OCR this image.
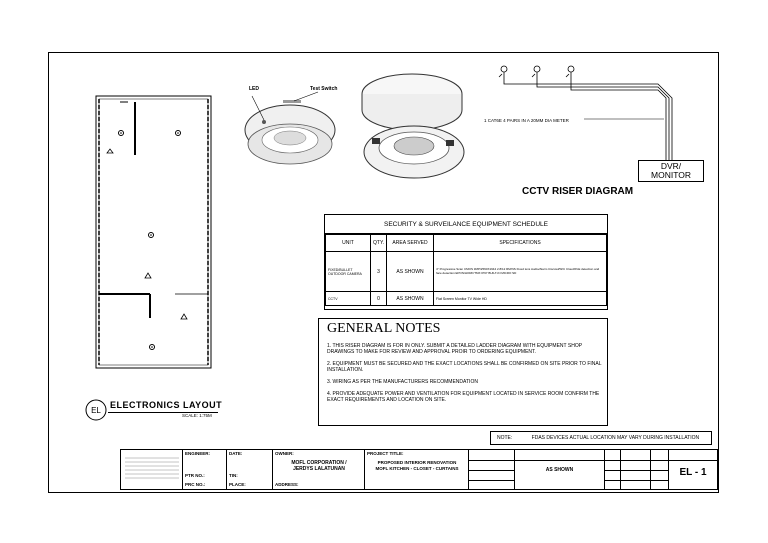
EL
ELECTRONICS LAYOUT
SCALE: 1:75M
LED	Test Switch
1 CAT6E 4 PAIRS IN A 20MM DIA METER
DVR/
MONITOR
CCTV RISER DIAGRAM
SECURITY & SURVEILANCE EQUIPMENT SCHEDULE
UNIT	QTY.	AREA SERVED	SPECIFICATIONS
FIXED/BULLET OUTDOOR CAMERA	3	AS SHOWN	4" Progressive Scan CMOS 3MP/2560X1944 2.8/12 RM/NS Fixed lens Audio/Alarm Ciscowl/W/C Cloud/PoE detection and face detection EPON/HORF/TMX IP67 BUILT-IN MICRO SD
CCTV	0	AS SHOWN	Flat Screen Monitor TV Wide HD
GENERAL NOTES
1. THIS RISER DIAGRAM IS FOR IN ONLY. SUBMIT A DETAILED LADDER DIAGRAM WITH EQUIPMENT SHOP DRAWINGS TO MAKE FOR REVIEW AND APPROVAL PROIR TO ORDERING EQUIPMENT.
2. EQUIPMENT MUST BE SECURED AND THE EXACT LOCATIONS SHALL BE CONFIRMED ON SITE PRIOR TO FINAL INSTALLATION.
3. WIRING AS PER THE MANUFACTURERS RECOMMENDATION
4. PROVIDE ADEQUATE POWER AND VENTILATION FOR EQUIPMENT LOCATED IN SERVICE ROOM CONFIRM THE EXACT REQUIREMENTS AND LOCATION ON SITE.
NOTE:	FDAS DEVICES ACTUAL LOCATION MAY VARY DURING INSTALLATION
ENGINEER:
PTR NO.:
PRC NO.:
DATE:
TIN:
PLACE:
OWNER:
MOFL CORPORATION / JERDYS LALATUNAN
ADDRESS:
PROJECT TITLE:
PROPOSED INTERIOR RENOVATION MOFL KITCHEN - CLOSET - CURTAINS	AS SHOWN	EL - 1
